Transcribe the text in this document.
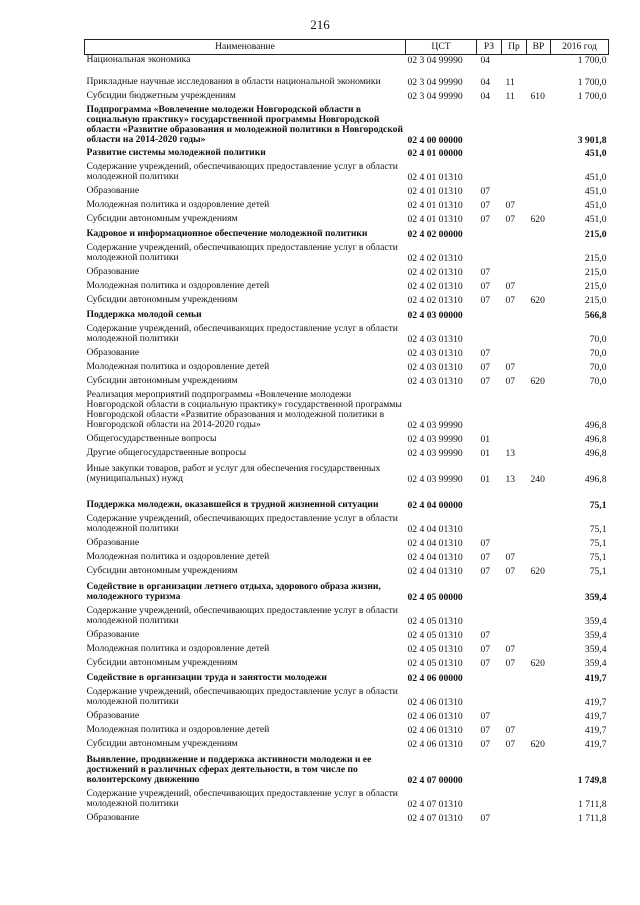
216
Наименование	ЦСТ	РЗ	Пр	ВР	2016 год
Национальная экономика	02 3 04 99990	04			1 700,0
Прикладные научные исследования в области национальной экономики	02 3 04 99990	04	11		1 700,0
Субсидии бюджетным учреждениям	02 3 04 99990	04	11	610	1 700,0
Подпрограмма «Вовлечение молодежи Новгородской области в социальную практику» государственной программы Новгородской области «Развитие образования и молодежной политики в Новгородской области на 2014-2020 годы»	02 4 00 00000				3 901,8
Развитие системы молодежной политики	02 4 01 00000				451,0
Содержание учреждений, обеспечивающих предоставление услуг в области молодежной политики	02 4 01 01310				451,0
Образование	02 4 01 01310	07			451,0
Молодежная политика и оздоровление детей	02 4 01 01310	07	07		451,0
Субсидии автономным учреждениям	02 4 01 01310	07	07	620	451,0
Кадровое и информационное обеспечение молодежной политики	02 4 02 00000				215,0
Содержание учреждений, обеспечивающих предоставление услуг в области молодежной политики	02 4 02 01310				215,0
Образование	02 4 02 01310	07			215,0
Молодежная политика и оздоровление детей	02 4 02 01310	07	07		215,0
Субсидии автономным учреждениям	02 4 02 01310	07	07	620	215,0
Поддержка молодой семьи	02 4 03 00000				566,8
Содержание учреждений, обеспечивающих предоставление услуг в области молодежной политики	02 4 03 01310				70,0
Образование	02 4 03 01310	07			70,0
Молодежная политика и оздоровление детей	02 4 03 01310	07	07		70,0
Субсидии автономным учреждениям	02 4 03 01310	07	07	620	70,0
Реализация мероприятий подпрограммы «Вовлечение молодежи Новгородской области в социальную практику» государственной программы Новгородской области «Развитие образования и молодежной политики в Новгородской области на 2014-2020 годы»	02 4 03 99990				496,8
Общегосударственные вопросы	02 4 03 99990	01			496,8
Другие общегосударственные вопросы	02 4 03 99990	01	13		496,8
Иные закупки товаров, работ и услуг для обеспечения государственных (муниципальных) нужд	02 4 03 99990	01	13	240	496,8
Поддержка молодежи, оказавшейся в трудной жизненной ситуации	02 4 04 00000				75,1
Содержание учреждений, обеспечивающих предоставление услуг в области молодежной политики	02 4 04 01310				75,1
Образование	02 4 04 01310	07			75,1
Молодежная политика и оздоровление детей	02 4 04 01310	07	07		75,1
Субсидии автономным учреждениям	02 4 04 01310	07	07	620	75,1
Содействие в организации летнего отдыха, здорового образа жизни, молодежного туризма	02 4 05 00000				359,4
Содержание учреждений, обеспечивающих предоставление услуг в области молодежной политики	02 4 05 01310				359,4
Образование	02 4 05 01310	07			359,4
Молодежная политика и оздоровление детей	02 4 05 01310	07	07		359,4
Субсидии автономным учреждениям	02 4 05 01310	07	07	620	359,4
Содействие в организации труда и занятости молодежи	02 4 06 00000				419,7
Содержание учреждений, обеспечивающих предоставление услуг в области молодежной политики	02 4 06 01310				419,7
Образование	02 4 06 01310	07			419,7
Молодежная политика и оздоровление детей	02 4 06 01310	07	07		419,7
Субсидии автономным учреждениям	02 4 06 01310	07	07	620	419,7
Выявление, продвижение и поддержка активности молодежи и ее достижений в различных сферах деятельности, в том числе по волонтерскому движению	02 4 07 00000				1 749,8
Содержание учреждений, обеспечивающих предоставление услуг в области молодежной политики	02 4 07 01310				1 711,8
Образование	02 4 07 01310	07			1 711,8
